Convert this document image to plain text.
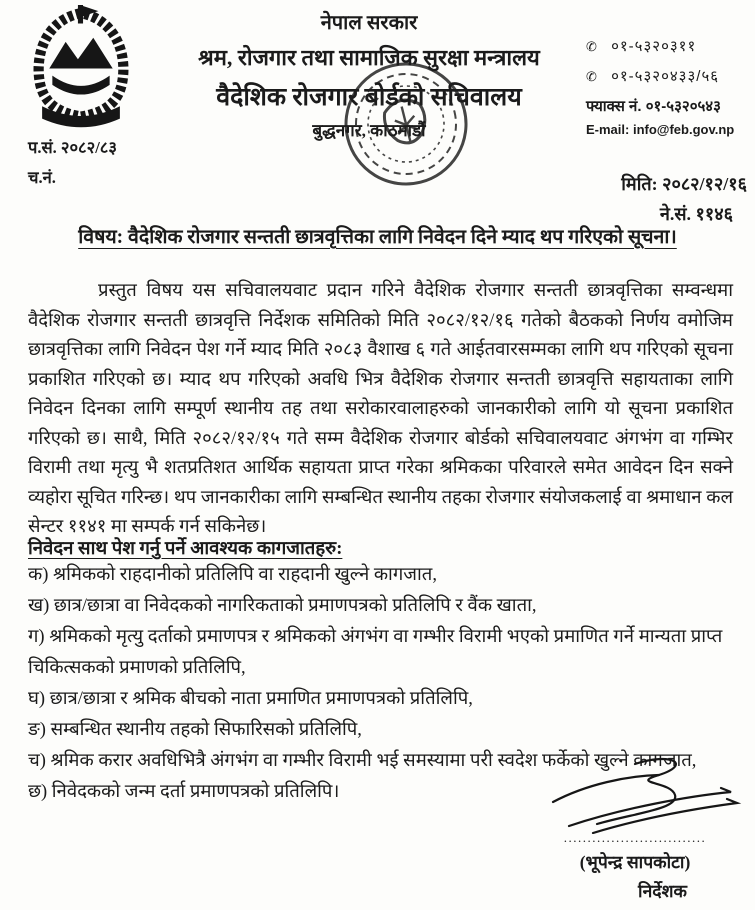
नेपाल सरकार
श्रम, रोजगार तथा सामाजिक सुरक्षा मन्त्रालय
वैदेशिक रोजगार बोर्डको सचिवालय
बुद्धनगर, काठमाडौं
✆ ०१-५३२०३११
✆ ०१-५३२०४३३/५६
फ्याक्स नं. ०१-५३२०५४३
E-mail: info@feb.gov.np
प.सं. २०८२/८३
च.नं.	मिति: २०८२/१२/१६
ने.सं. ११४६
विषय: वैदेशिक रोजगार सन्तती छात्रवृत्तिका लागि निवेदन दिने म्याद थप गरिएको सूचना।
प्रस्तुत विषय यस सचिवालयवाट प्रदान गरिने वैदेशिक रोजगार सन्तती छात्रवृत्तिका सम्वन्धमा वैदेशिक रोजगार सन्तती छात्रवृत्ति निर्देशक समितिको मिति २०८२/१२/१६ गतेको बैठकको निर्णय वमोजिम छात्रवृत्तिका लागि निवेदन पेश गर्ने म्याद मिति २०८३ वैशाख ६ गते आईतवारसम्मका लागि थप गरिएको सूचना प्रकाशित गरिएको छ। म्याद थप गरिएको अवधि भित्र वैदेशिक रोजगार सन्तती छात्रवृत्ति सहायताका लागि निवेदन दिनका लागि सम्पूर्ण स्थानीय तह तथा सरोकारवालाहरुको जानकारीको लागि यो सूचना प्रकाशित गरिएको छ। साथै, मिति २०८२/१२/१५ गते सम्म वैदेशिक रोजगार बोर्डको सचिवालयवाट अंगभंग वा गम्भिर विरामी तथा मृत्यु भै शतप्रतिशत आर्थिक सहायता प्राप्त गरेका श्रमिकका परिवारले समेत आवेदन दिन सक्ने व्यहोरा सूचित गरिन्छ। थप जानकारीका लागि सम्बन्धित स्थानीय तहका रोजगार संयोजकलाई वा श्रमाधान कल सेन्टर ११४१ मा सम्पर्क गर्न सकिनेछ।
निवेदन साथ पेश गर्नु पर्ने आवश्यक कागजातहरु:
क) श्रमिकको राहदानीको प्रतिलिपि वा राहदानी खुल्ने कागजात,
ख) छात्र/छात्रा वा निवेदकको नागरिकताको प्रमाणपत्रको प्रतिलिपि र वैंक खाता,
ग) श्रमिकको मृत्यु दर्ताको प्रमाणपत्र र श्रमिकको अंगभंग वा गम्भीर विरामी भएको प्रमाणित गर्ने मान्यता प्राप्त चिकित्सकको प्रमाणको प्रतिलिपि,
घ) छात्र/छात्रा र श्रमिक बीचको नाता प्रमाणित प्रमाणपत्रको प्रतिलिपि,
ङ) सम्बन्धित स्थानीय तहको सिफारिसको प्रतिलिपि,
च) श्रमिक करार अवधिभित्रै अंगभंग वा गम्भीर विरामी भई समस्यामा परी स्वदेश फर्केको खुल्ने कागजात,
छ) निवेदकको जन्म दर्ता प्रमाणपत्रको प्रतिलिपि।
..............................
(भूपेन्द्र सापकोटा)
निर्देशक
